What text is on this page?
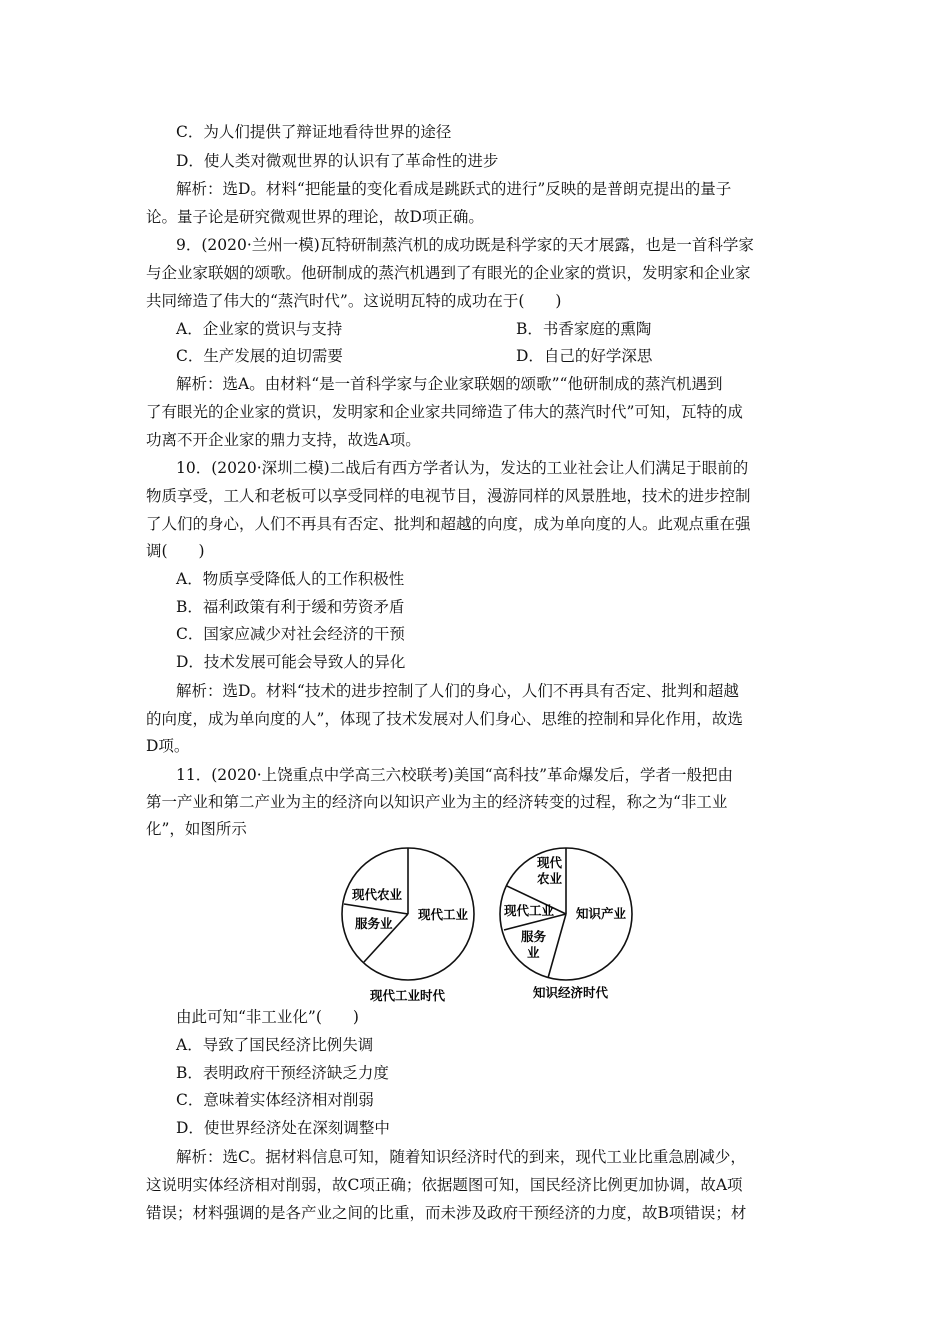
C．为人们提供了辩证地看待世界的途径
D．使人类对微观世界的认识有了革命性的进步
解析：选D。材料“把能量的变化看成是跳跃式的进行”反映的是普朗克提出的量子
论。量子论是研究微观世界的理论，故D项正确。
9．(2020·兰州一模)瓦特研制蒸汽机的成功既是科学家的天才展露，也是一首科学家
与企业家联姻的颂歌。他研制成的蒸汽机遇到了有眼光的企业家的赏识，发明家和企业家
共同缔造了伟大的“蒸汽时代”。这说明瓦特的成功在于(　　)
A．企业家的赏识与支持	B．书香家庭的熏陶
C．生产发展的迫切需要	D．自己的好学深思
解析：选A。由材料“是一首科学家与企业家联姻的颂歌”“他研制成的蒸汽机遇到
了有眼光的企业家的赏识，发明家和企业家共同缔造了伟大的蒸汽时代”可知，瓦特的成
功离不开企业家的鼎力支持，故选A项。
10．(2020·深圳二模)二战后有西方学者认为，发达的工业社会让人们满足于眼前的
物质享受，工人和老板可以享受同样的电视节目，漫游同样的风景胜地，技术的进步控制
了人们的身心，人们不再具有否定、批判和超越的向度，成为单向度的人。此观点重在强
调(　　)
A．物质享受降低人的工作积极性
B．福利政策有利于缓和劳资矛盾
C．国家应减少对社会经济的干预
D．技术发展可能会导致人的异化
解析：选D。材料“技术的进步控制了人们的身心，人们不再具有否定、批判和超越
的向度，成为单向度的人”，体现了技术发展对人们身心、思维的控制和异化作用，故选
D项。
11．(2020·上饶重点中学高三六校联考)美国“高科技”革命爆发后，学者一般把由
第一产业和第二产业为主的经济向以知识产业为主的经济转变的过程，称之为“非工业
化”，如图所示
现代农业
服务业
现代工业
现代工业时代
现代
农业
现代工业
服务
业
知识产业
知识经济时代
由此可知“非工业化”(　　)
A．导致了国民经济比例失调
B．表明政府干预经济缺乏力度
C．意味着实体经济相对削弱
D．使世界经济处在深刻调整中
解析：选C。据材料信息可知，随着知识经济时代的到来，现代工业比重急剧减少，
这说明实体经济相对削弱，故C项正确；依据题图可知，国民经济比例更加协调，故A项
错误；材料强调的是各产业之间的比重，而未涉及政府干预经济的力度，故B项错误；材
